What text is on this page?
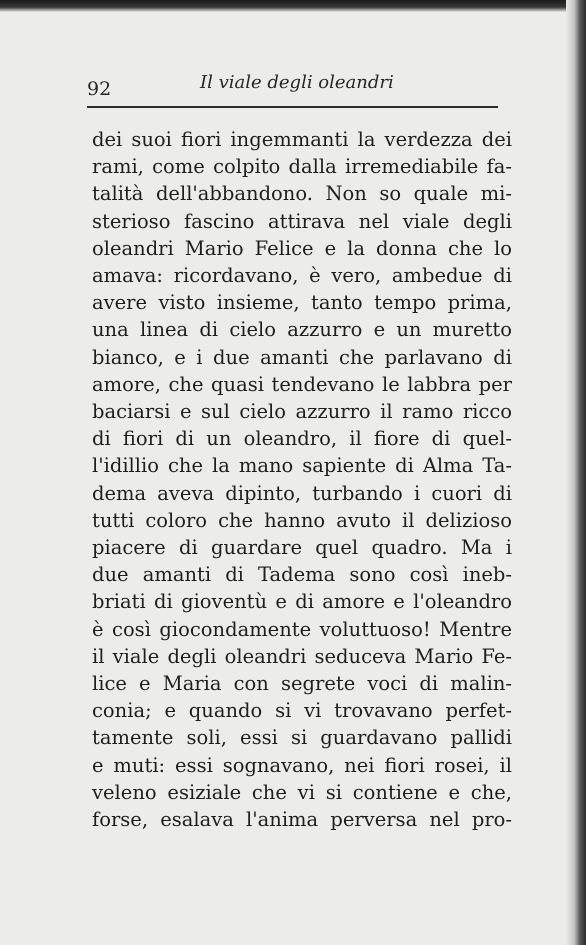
92	Il viale degli oleandri
dei suoi fiori ingemmanti la verdezza dei
rami, come colpito dalla irremediabile fa-
talità dell'abbandono. Non so quale mi-
sterioso fascino attirava nel viale degli
oleandri Mario Felice e la donna che lo
amava: ricordavano, è vero, ambedue di
avere visto insieme, tanto tempo prima,
una linea di cielo azzurro e un muretto
bianco, e i due amanti che parlavano di
amore, che quasi tendevano le labbra per
baciarsi e sul cielo azzurro il ramo ricco
di fiori di un oleandro, il fiore di quel-
l'idillio che la mano sapiente di Alma Ta-
dema aveva dipinto, turbando i cuori di
tutti coloro che hanno avuto il delizioso
piacere di guardare quel quadro. Ma i
due amanti di Tadema sono così ineb-
briati di gioventù e di amore e l'oleandro
è così giocondamente voluttuoso! Mentre
il viale degli oleandri seduceva Mario Fe-
lice e Maria con segrete voci di malin-
conia; e quando si vi trovavano perfet-
tamente soli, essi si guardavano pallidi
e muti: essi sognavano, nei fiori rosei, il
veleno esiziale che vi si contiene e che,
forse, esalava l'anima perversa nel pro-
